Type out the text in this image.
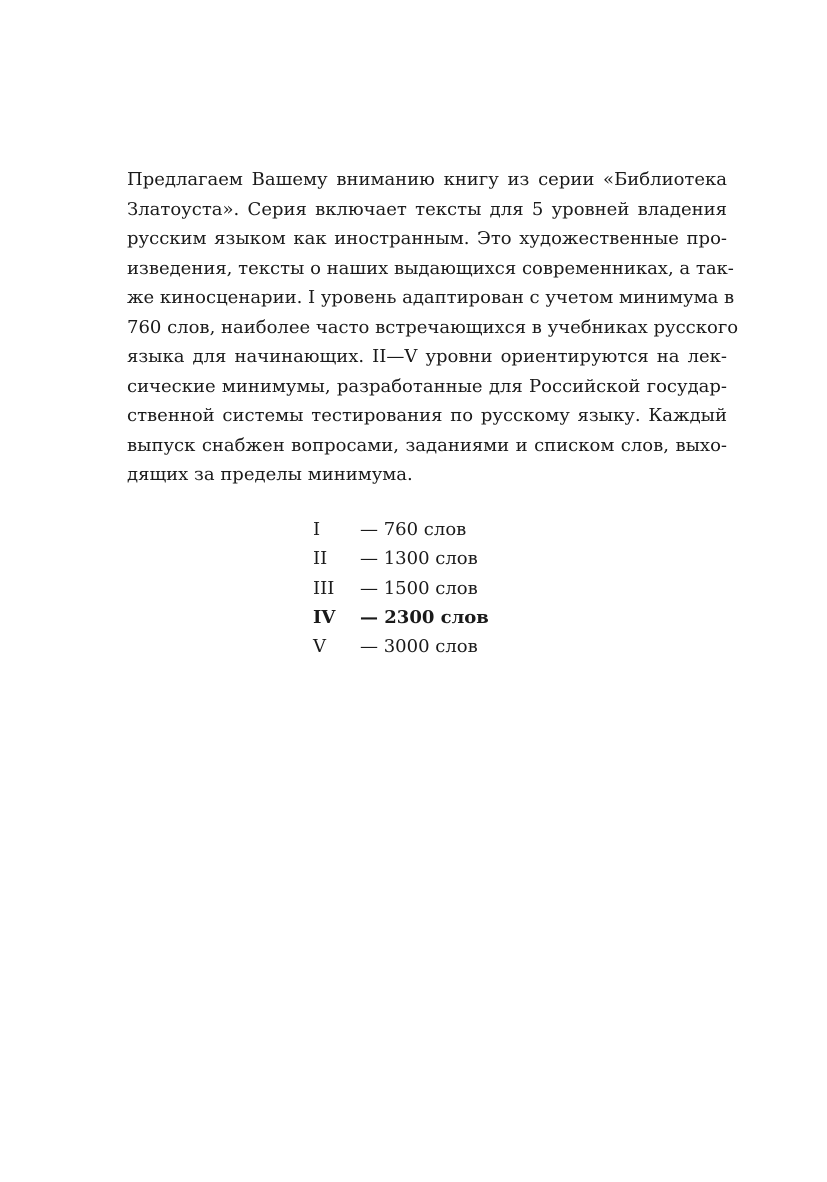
Предлагаем Вашему вниманию книгу из серии «Библиотека
Златоуста». Серия включает тексты для 5 уровней владения
русским языком как иностранным. Это художественные про-
изведения, тексты о наших выдающихся современниках, а так-
же киносценарии. I уровень адаптирован с учетом минимума в
760 слов, наиболее часто встречающихся в учебниках русского
языка для начинающих. II—V уровни ориентируются на лек-
сические минимумы, разработанные для Российской государ-
ственной системы тестирования по русскому языку. Каждый
выпуск снабжен вопросами, заданиями и списком слов, выхо-
дящих за пределы минимума.
I — 760 слов
II — 1300 слов
III — 1500 слов
IV — 2300 слов
V — 3000 слов
